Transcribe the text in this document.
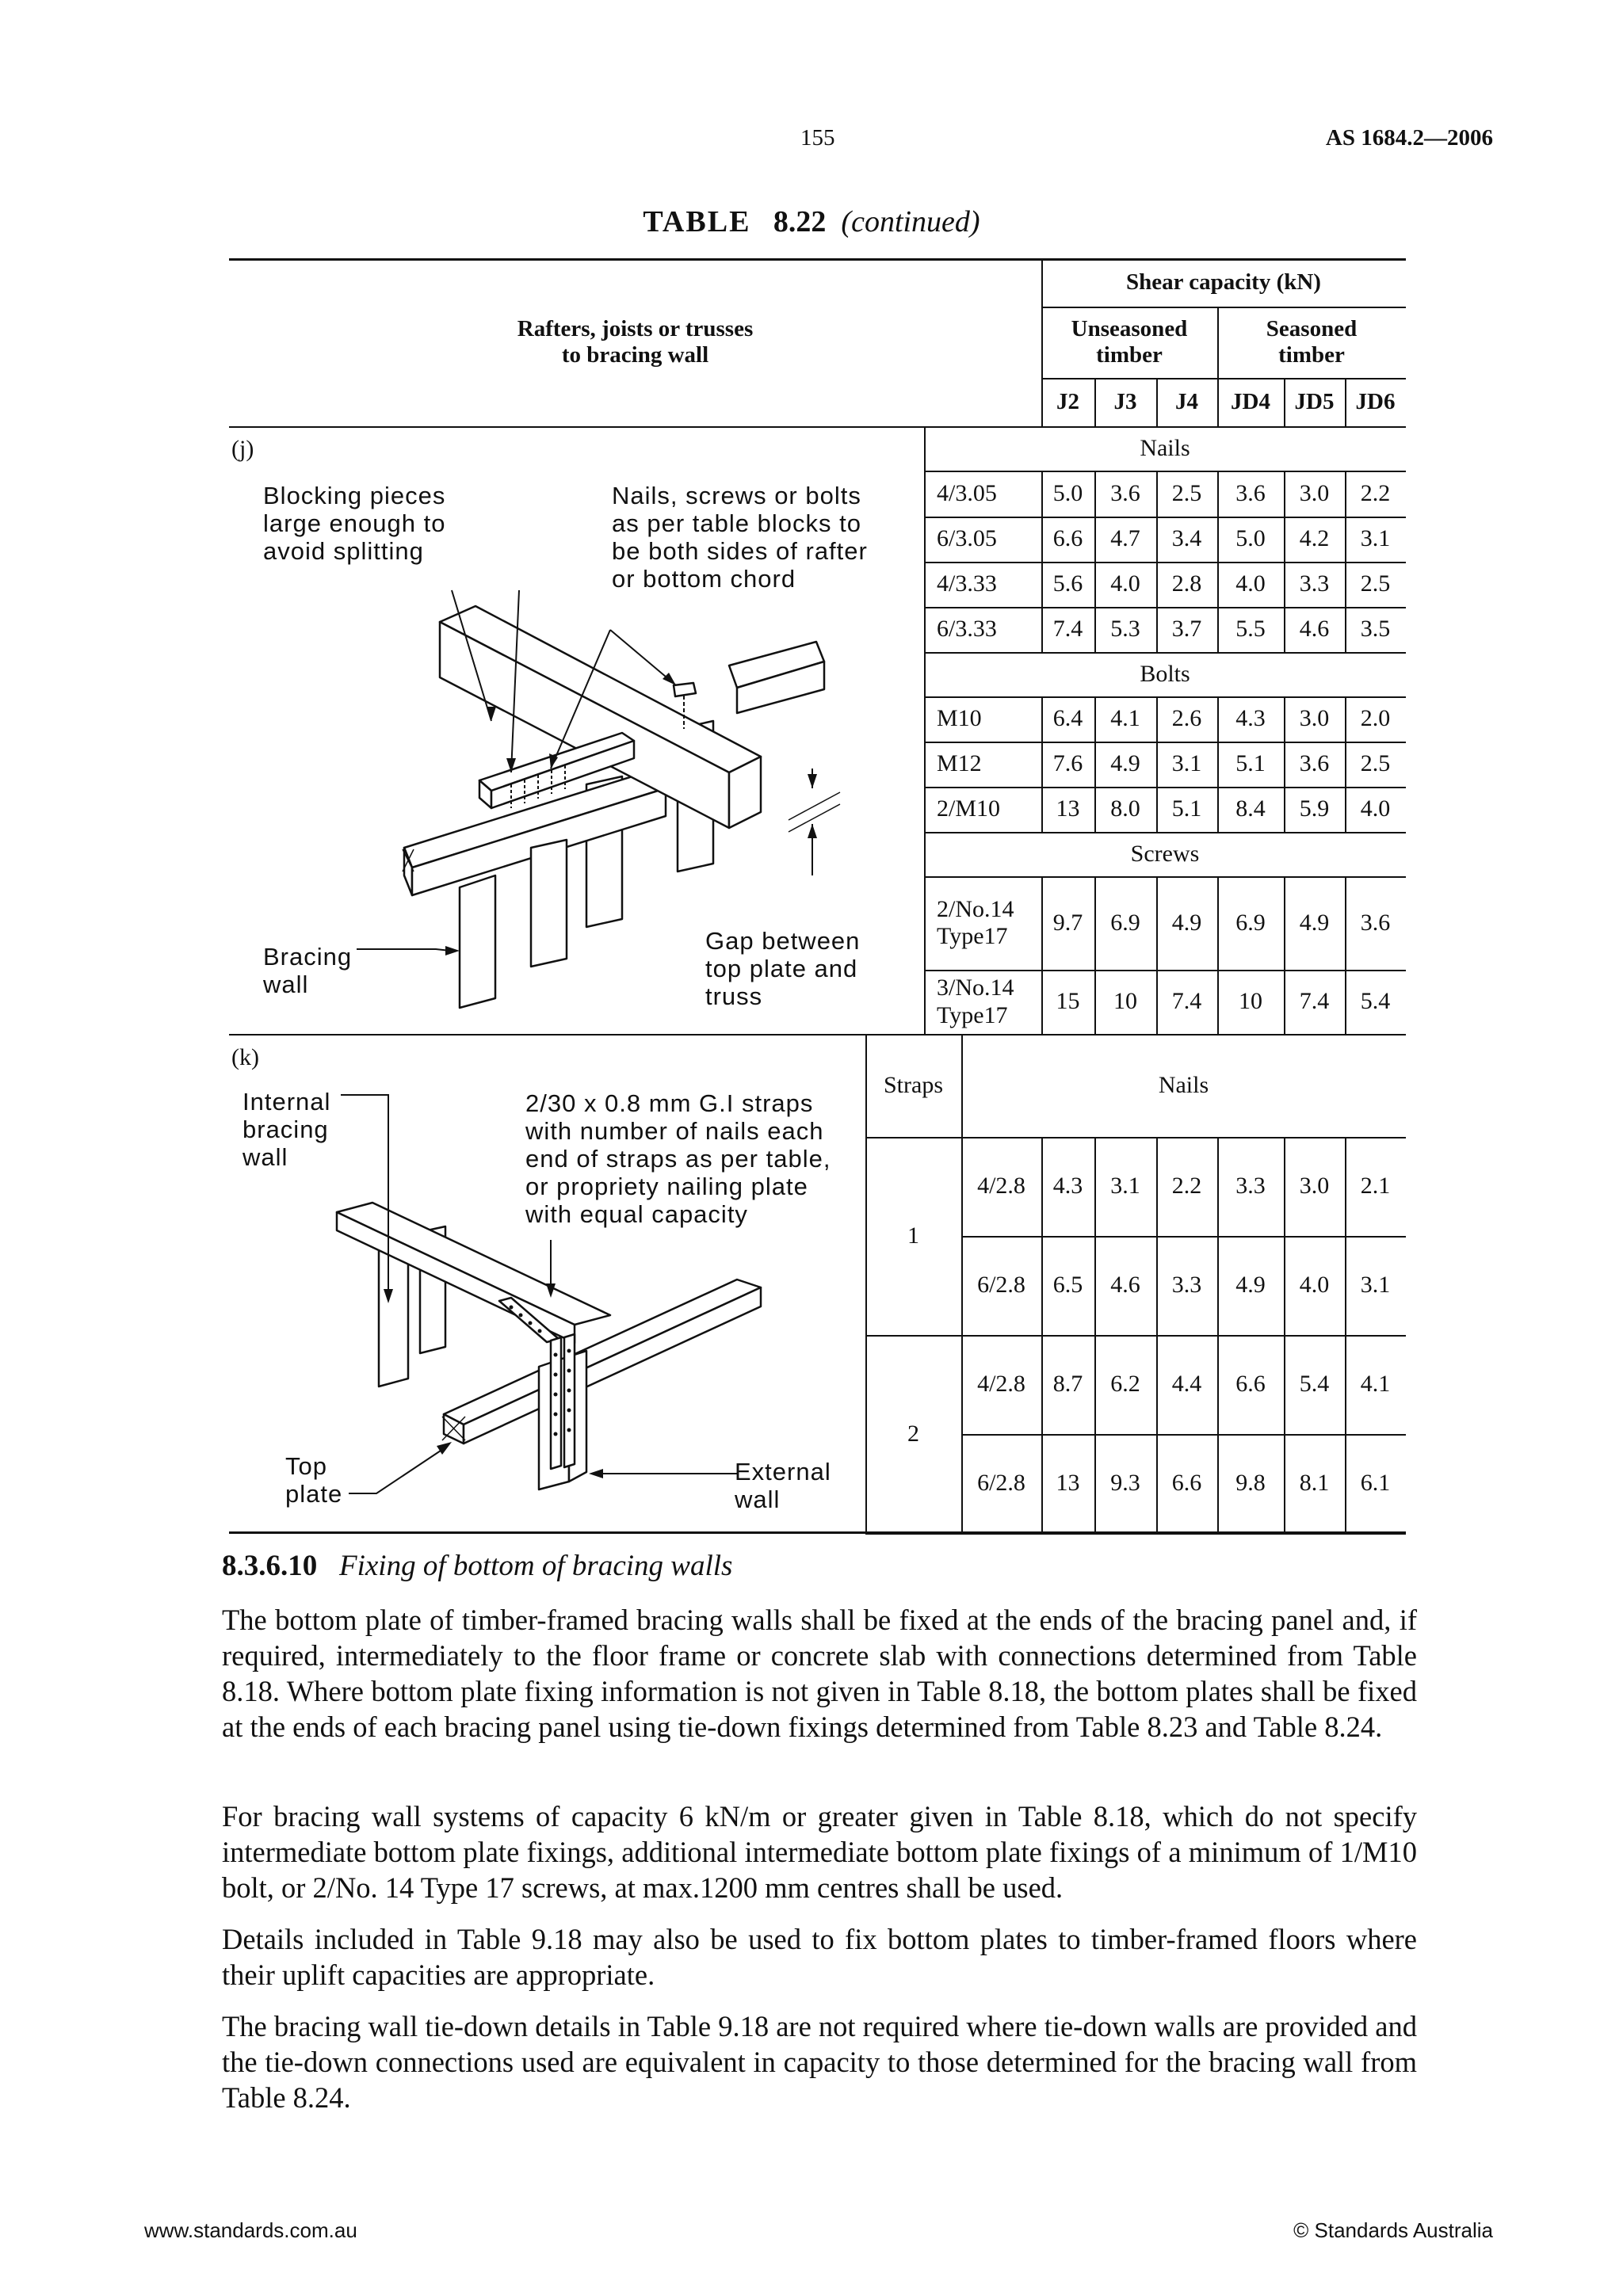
155	AS 1684.2—2006
TABLE 8.22 (continued)
Rafters, joists or trusses
to bracing wall
Shear capacity (kN)
Unseasoned
timber
Seasoned
timber
J2	J3	J4	JD4	JD5 JD6
Nails
4/3.05	5.0	3.6	2.5	3.6	3.0	2.2
6/3.05	6.6	4.7	3.4	5.0	4.2	3.1
4/3.33	5.6	4.0	2.8	4.0	3.3	2.5
6/3.33	7.4	5.3	3.7	5.5	4.6	3.5
Bolts
M10	6.4	4.1	2.6	4.3	3.0	2.0
M12	7.6	4.9	3.1	5.1	3.6	2.5
2/M10	13	8.0	5.1	8.4	5.9	4.0
Screws
2/No.14
Type17
9.7	6.9	4.9	6.9	4.9	3.6
3/No.14
Type17
15	10	7.4	10	7.4	5.4
Straps	Nails
1
4/2.8	4.3	3.1	2.2	3.3	3.0	2.1
6/2.8	6.5	4.6	3.3	4.9	4.0	3.1
2
4/2.8	8.7	6.2	4.4	6.6	5.4	4.1
6/2.8	13	9.3	6.6	9.8	8.1	6.1
(j)
Blocking pieces
large enough to
avoid splitting
Nails, screws or bolts
as per table blocks to
be both sides of rafter
or bottom chord
Bracing
wall
Gap between
top plate and
truss
(k)
Internal
bracing
wall
2/30 x 0.8 mm G.I straps
with number of nails each
end of straps as per table,
or propriety nailing plate
with equal capacity
Top
plate
External
wall
8.3.6.10 Fixing of bottom of bracing walls
The bottom plate of timber-framed bracing walls shall be fixed at the ends of the bracing panel and, if required, intermediately to the floor frame or concrete slab with connections determined from Table 8.18. Where bottom plate fixing information is not given in Table 8.18, the bottom plates shall be fixed at the ends of each bracing panel using tie-down fixings determined from Table 8.23 and Table 8.24.
For bracing wall systems of capacity 6 kN/m or greater given in Table 8.18, which do not specify intermediate bottom plate fixings, additional intermediate bottom plate fixings of a minimum of 1/M10 bolt, or 2/No. 14 Type 17 screws, at max.1200 mm centres shall be used.
Details included in Table 9.18 may also be used to fix bottom plates to timber-framed floors where their uplift capacities are appropriate.
The bracing wall tie-down details in Table 9.18 are not required where tie-down walls are provided and the tie-down connections used are equivalent in capacity to those determined for the bracing wall from Table 8.24.
www.standards.com.au	© Standards Australia
